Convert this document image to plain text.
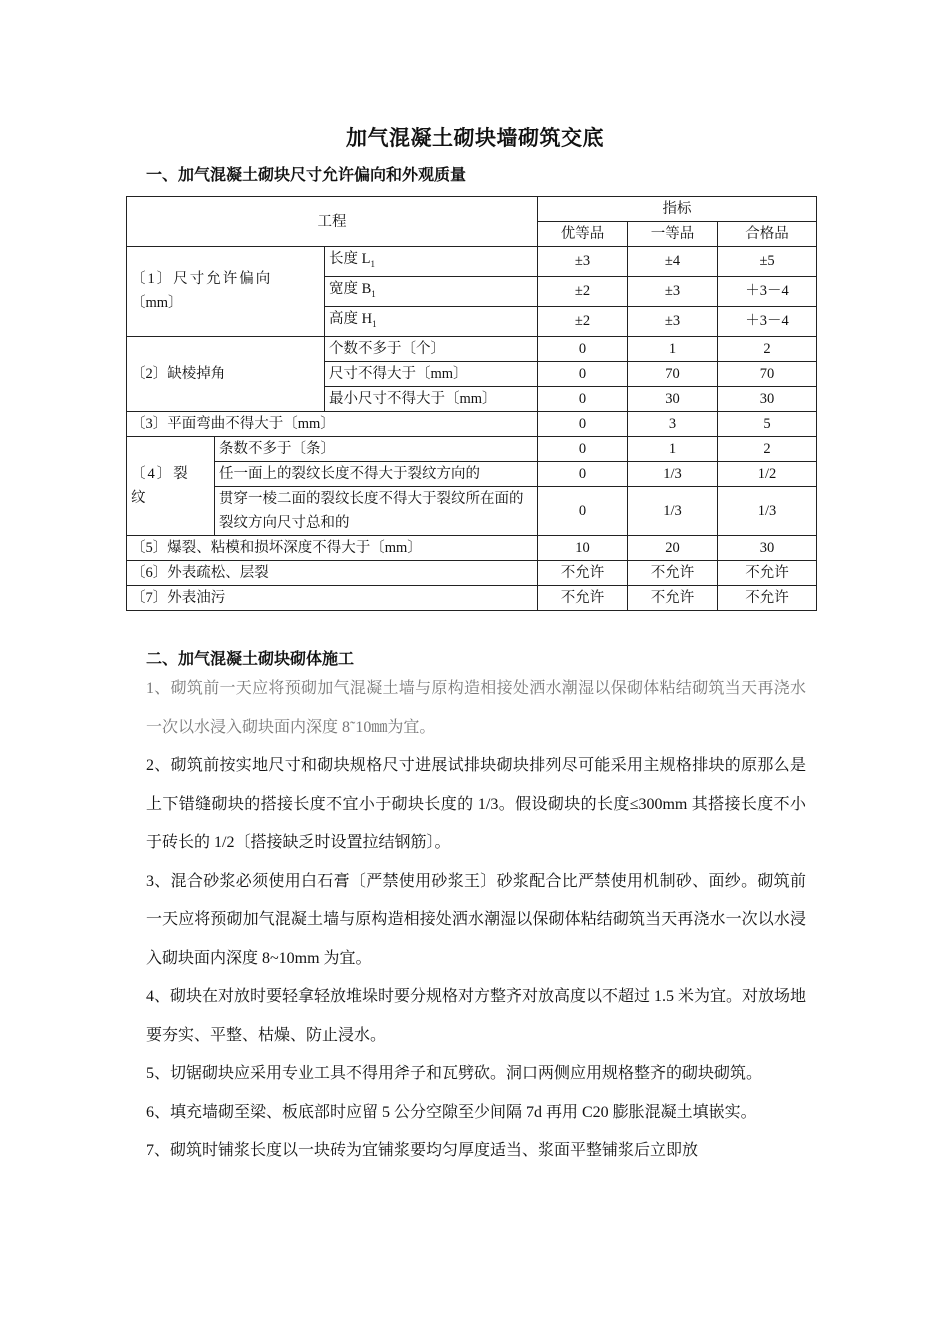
加气混凝土砌块墙砌筑交底
一、加气混凝土砌块尺寸允许偏向和外观质量
工程			指标		
			优等品	一等品	合格品

〔1〕尺寸允许偏向
〔mm〕		长度 $L_1$	±3	±4	±5
		宽度 $B_1$	±2	±3	＋3－4
		高度 $H_1$	±2	±3	＋3－4
〔2〕缺棱掉角		个数不多于〔个〕	0	1	2
		尺寸不得大于〔mm〕	0	70	70
		最小尺寸不得大于〔mm〕	0	30	30
〔3〕平面弯曲不得大于〔mm〕			0	3	5

〔4〕裂
纹	条数不多于〔条〕		0	1	2
	任一面上的裂纹长度不得大于裂纹方向的		0	1/3	1/2
	贯穿一棱二面的裂纹长度不得大于裂纹所在面的裂纹方向尺寸总和的		0	1/3	1/3
〔5〕爆裂、粘模和损坏深度不得大于〔mm〕			10	20	30
〔6〕外表疏松、层裂			不允许	不允许	不允许
〔7〕外表油污			不允许	不允许	不允许
二、加气混凝土砌块砌体施工

1、砌筑前一天应将预砌加气混凝土墙与原构造相接处洒水潮湿以保砌体粘结砌筑当天再浇水一次以水浸入砌块面内深度 8˜10㎜为宜。

2、砌筑前按实地尺寸和砌块规格尺寸进展试排块砌块排列尽可能采用主规格排块的原那么是上下错缝砌块的搭接长度不宜小于砌块长度的 1/3。假设砌块的长度≤300mm 其搭接长度不小于砖长的 1/2〔搭接缺乏时设置拉结钢筋〕。

3、混合砂浆必须使用白石膏〔严禁使用砂浆王〕砂浆配合比严禁使用机制砂、面纱。砌筑前一天应将预砌加气混凝土墙与原构造相接处洒水潮湿以保砌体粘结砌筑当天再浇水一次以水浸入砌块面内深度 8~10mm 为宜。

4、砌块在对放时要轻拿轻放堆垛时要分规格对方整齐对放高度以不超过 1.5 米为宜。对放场地要夯实、平整、枯燥、防止浸水。

5、切锯砌块应采用专业工具不得用斧子和瓦劈砍。洞口两侧应用规格整齐的砌块砌筑。

6、填充墙砌至梁、板底部时应留 5 公分空隙至少间隔 7d 再用 C20 膨胀混凝土填嵌实。

7、砌筑时铺浆长度以一块砖为宜铺浆要均匀厚度适当、浆面平整铺浆后立即放
